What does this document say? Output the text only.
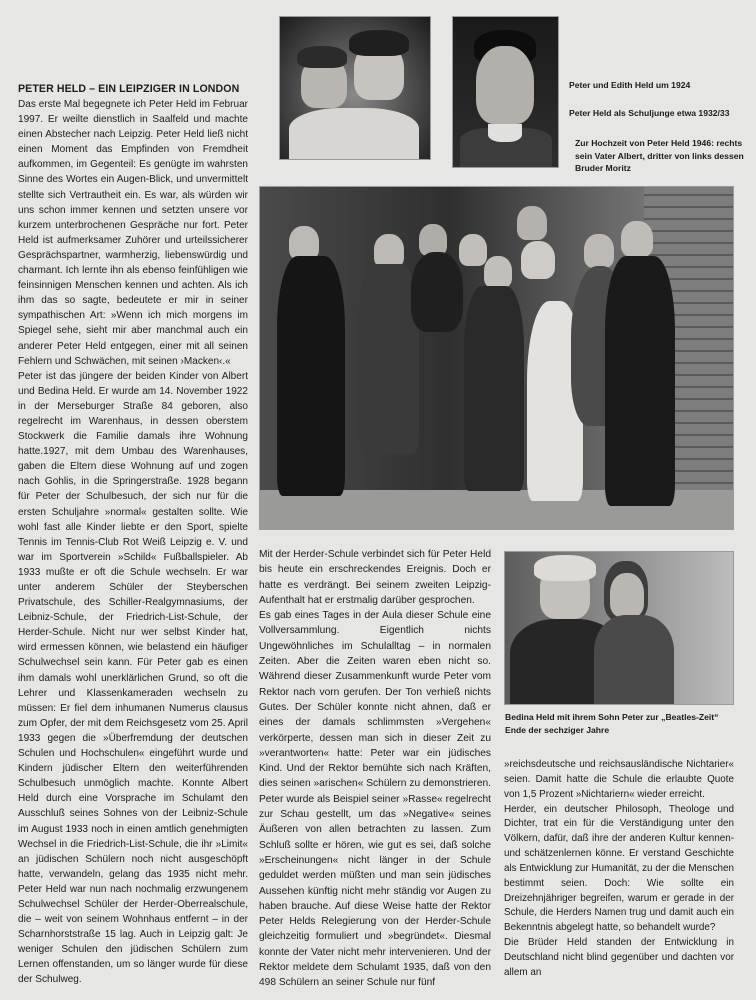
Peter und Edith Held um 1924
Peter Held als Schuljunge etwa 1932/33
Zur Hochzeit von Peter Held 1946: rechts sein Vater Albert, dritter von links dessen Bruder Moritz
Bedina Held mit ihrem Sohn Peter zur „Beatles-Zeit“ Ende der sechziger Jahre
PETER HELD – EIN LEIPZIGER IN LONDON

Das erste Mal begegnete ich Peter Held im Februar 1997. Er weilte dienstlich in Saalfeld und machte einen Abstecher nach Leipzig. Peter Held ließ nicht einen Moment das Empfinden von Fremdheit aufkommen, im Gegenteil: Es genügte im wahrsten Sinne des Wortes ein Augen-Blick, und unvermittelt stellte sich Vertrautheit ein. Es war, als würden wir uns schon immer kennen und setzten unsere vor kurzem unterbrochenen Gespräche nur fort. Peter Held ist aufmerksamer Zuhörer und urteilssicherer Gesprächspartner, warmherzig, liebenswürdig und charmant. Ich lernte ihn als ebenso feinfühligen wie feinsinnigen Menschen kennen und achten. Als ich ihm das so sagte, bedeutete er mir in seiner sympathischen Art: »Wenn ich mich morgens im Spiegel sehe, sieht mir aber manchmal auch ein anderer Peter Held entgegen, einer mit all seinen Fehlern und Schwächen, mit seinen ›Macken‹.«

Peter ist das jüngere der beiden Kinder von Albert und Bedina Held. Er wurde am 14. November 1922 in der Merseburger Straße 84 geboren, also regelrecht im Warenhaus, in dessen oberstem Stockwerk die Familie damals ihre Wohnung hatte.1927, mit dem Umbau des Warenhauses, gaben die Eltern diese Wohnung auf und zogen nach Gohlis, in die Springerstraße. 1928 begann für Peter der Schulbesuch, der sich nur für die ersten Schuljahre »normal« gestalten sollte. Wie wohl fast alle Kinder liebte er den Sport, spielte Tennis im Tennis-Club Rot Weiß Leipzig e. V. und war im Sportverein »Schild« Fußballspieler. Ab 1933 mußte er oft die Schule wechseln. Er war unter anderem Schüler der Steyberschen Privatschule, des Schiller-Realgymnasiums, der Leibniz-Schule, der Friedrich-List-Schule, der Herder-Schule. Nicht nur wer selbst Kinder hat, wird ermessen können, wie belastend ein häufiger Schulwechsel sein kann. Für Peter gab es einen ihm damals wohl unerklärlichen Grund, so oft die Lehrer und Klassenkameraden wechseln zu müssen: Er fiel dem inhumanen Numerus clausus zum Opfer, der mit dem Reichsgesetz vom 25. April 1933 gegen die »Überfremdung der deutschen Schulen und Hochschulen« eingeführt wurde und Kindern jüdischer Eltern den weiterführenden Schulbesuch unmöglich machte. Konnte Albert Held durch eine Vorsprache im Schulamt den Ausschluß seines Sohnes von der Leibniz-Schule im August 1933 noch in einen amtlich genehmigten Wechsel in die Friedrich-List-Schule, die ihr »Limit« an jüdischen Schülern noch nicht ausgeschöpft hatte, verwandeln, gelang das 1935 nicht mehr. Peter Held war nun nach nochmalig erzwungenem Schulwechsel Schüler der Herder-Oberrealschule, die – weit von seinem Wohnhaus entfernt – in der Scharnhorststraße 15 lag. Auch in Leipzig galt: Je weniger Schulen den jüdischen Schülern zum Lernen offenstanden, um so länger wurde für diese der Schulweg.

Mit der Herder-Schule verbindet sich für Peter Held bis heute ein erschreckendes Ereignis. Doch er hatte es verdrängt. Bei seinem zweiten Leipzig-Aufenthalt hat er erstmalig darüber gesprochen.

Es gab eines Tages in der Aula dieser Schule eine Vollversammlung. Eigentlich nichts Ungewöhnliches im Schulalltag – in normalen Zeiten. Aber die Zeiten waren eben nicht so. Während dieser Zusammenkunft wurde Peter vom Rektor nach vorn gerufen. Der Ton verhieß nichts Gutes. Der Schüler konnte nicht ahnen, daß er eines der damals schlimmsten »Vergehen« verkörperte, dessen man sich in dieser Zeit zu »verantworten« hatte: Peter war ein jüdisches Kind. Und der Rektor bemühte sich nach Kräften, dies seinen »arischen« Schülern zu demonstrieren. Peter wurde als Beispiel seiner »Rasse« regelrecht zur Schau gestellt, um das »Negative« seines Äußeren von allen betrachten zu lassen. Zum Schluß sollte er hören, wie gut es sei, daß solche »Erscheinungen« nicht länger in der Schule geduldet werden müßten und man sein jüdisches Aussehen künftig nicht mehr ständig vor Augen zu haben brauche. Auf diese Weise hatte der Rektor Peter Helds Relegierung von der Herder-Schule gleichzeitig formuliert und »begründet«. Diesmal konnte der Vater nicht mehr intervenieren. Und der Rektor meldete dem Schulamt 1935, daß von den 498 Schülern an seiner Schule nur fünf

»reichsdeutsche und reichsausländische Nichtarier« seien. Damit hatte die Schule die erlaubte Quote von 1,5 Prozent »Nichtariern« wieder erreicht.

Herder, ein deutscher Philosoph, Theologe und Dichter, trat ein für die Verständigung unter den Völkern, dafür, daß ihre der anderen Kultur kennen- und schätzenlernen könne. Er verstand Geschichte als Entwicklung zur Humanität, zu der die Menschen bestimmt seien. Doch: Wie sollte ein Dreizehnjähriger begreifen, warum er gerade in der Schule, die Herders Namen trug und damit auch ein Bekenntnis abgelegt hatte, so behandelt wurde?

Die Brüder Held standen der Entwicklung in Deutschland nicht blind gegenüber und dachten vor allem an
